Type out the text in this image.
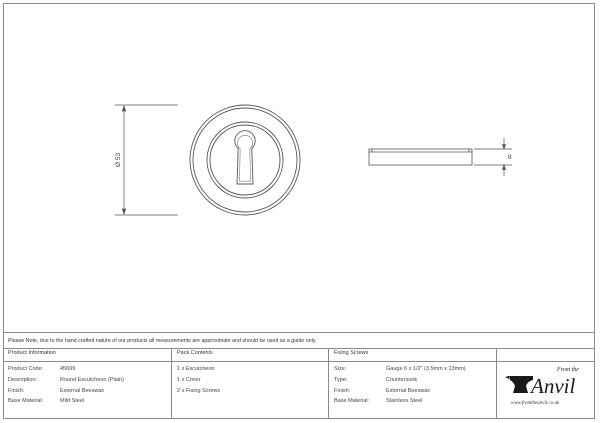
Ø 53	8
Please Note, due to the hand crafted nature of our products all measurements are approximate and should be used as a guide only.
Product Information
Product Code:	45699
Description:	Round Escutcheon (Plain)
Finish:	External Beeswax
Base Material:	Mild Steel
Pack Contents
1 x Escutcheon
1 x Cover
2 x Fixing Screws
Fixing Screws
Size:	Gauge 6 x 1/2" (3.5mm x 13mm)
Type:	Countersunk
Finish:	External Beeswax
Base Material:	Stainless Steel
From the
Anvil
www.fromtheanvil.co.uk
